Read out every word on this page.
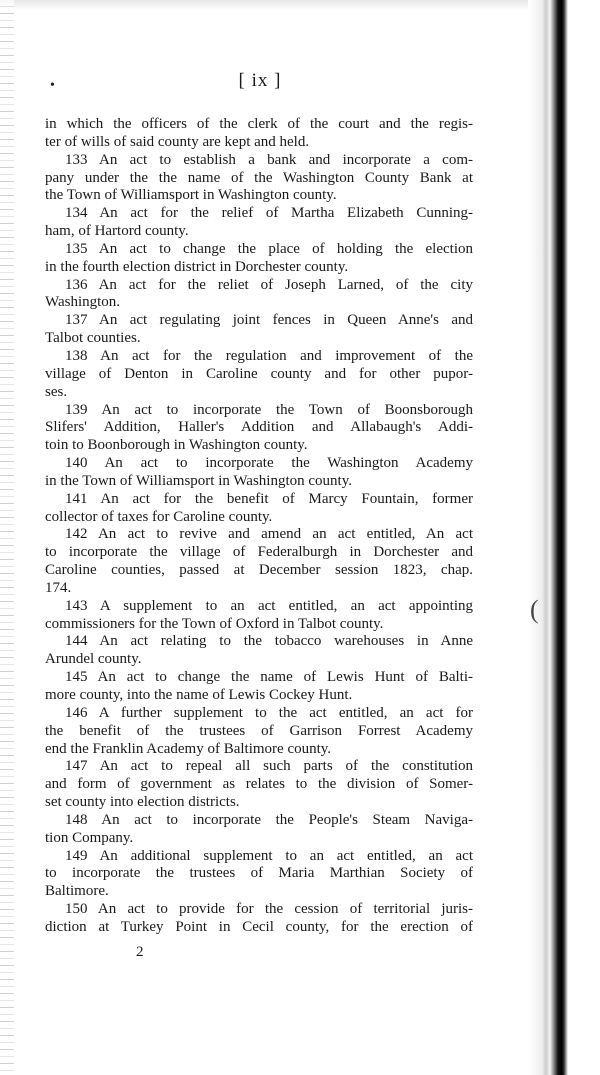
(
•	[ ix ]
in which the officers of the clerk of the court and the regis-
ter of wills of said county are kept and held.
133 An act to establish a bank and incorporate a com-
pany under the the name of the Washington County Bank at
the Town of Williamsport in Washington county.
134 An act for the relief of Martha Elizabeth Cunning-
ham, of Hartord county.
135 An act to change the place of holding the election
in the fourth election district in Dorchester county.
136 An act for the reliet of Joseph Larned, of the city
Washington.
137 An act regulating joint fences in Queen Anne's and
Talbot counties.
138 An act for the regulation and improvement of the
village of Denton in Caroline county and for other pupor-
ses.
139 An act to incorporate the Town of Boonsborough
Slifers' Addition, Haller's Addition and Allabaugh's Addi-
toin to Boonborough in Washington county.
140 An act to incorporate the Washington Academy
in the Town of Williamsport in Washington county.
141 An act for the benefit of Marcy Fountain, former
collector of taxes for Caroline county.
142 An act to revive and amend an act entitled, An act
to incorporate the village of Federalburgh in Dorchester and
Caroline counties, passed at December session 1823, chap.
174.
143 A supplement to an act entitled, an act appointing
commissioners for the Town of Oxford in Talbot county.
144 An act relating to the tobacco warehouses in Anne
Arundel county.
145 An act to change the name of Lewis Hunt of Balti-
more county, into the name of Lewis Cockey Hunt.
146 A further supplement to the act entitled, an act for
the benefit of the trustees of Garrison Forrest Academy
end the Franklin Academy of Baltimore county.
147 An act to repeal all such parts of the constitution
and form of government as relates to the division of Somer-
set county into election districts.
148 An act to incorporate the People's Steam Naviga-
tion Company.
149 An additional supplement to an act entitled, an act
to incorporate the trustees of Maria Marthian Society of
Baltimore.
150 An act to provide for the cession of territorial juris-
diction at Turkey Point in Cecil county, for the erection of
2
